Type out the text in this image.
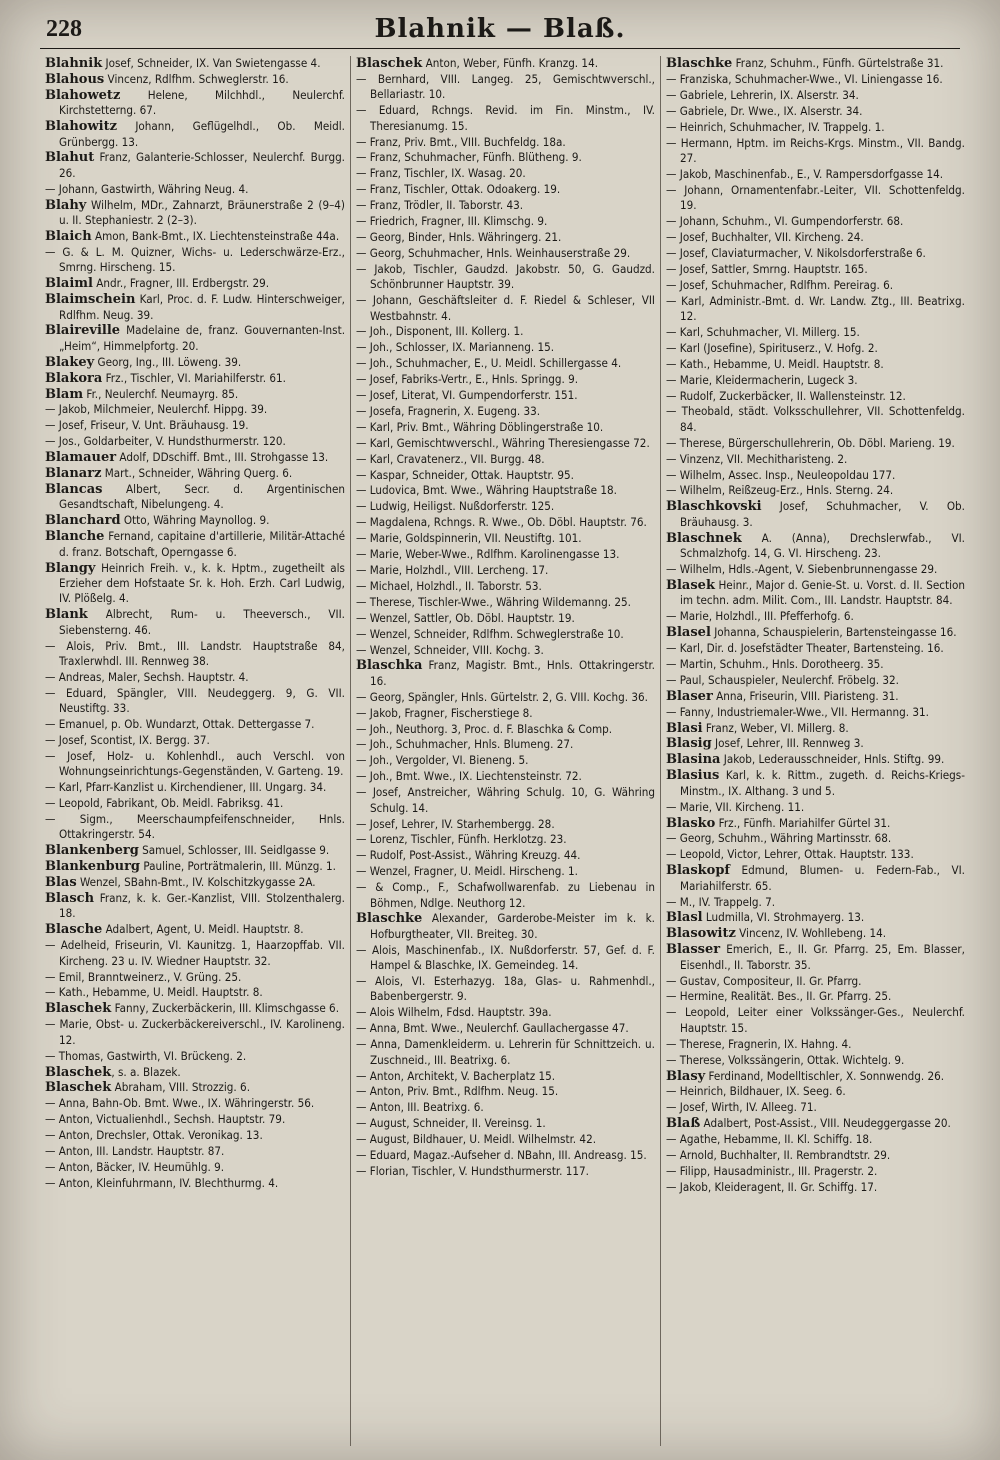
228	Blahnik — Blaß.
Blahnik Josef, Schneider, IX. Van Swietengasse 4.
Blahous Vincenz, Rdlfhm. Schweglerstr. 16.
Blahowetz Helene, Milchhdl., Neulerchf. Kirchstetterng. 67.
Blahowitz Johann, Geflügelhdl., Ob. Meidl. Grünbergg. 13.
Blahut Franz, Galanterie-Schlosser, Neulerchf. Burgg. 26.
— Johann, Gastwirth, Währing Neug. 4.
Blahy Wilhelm, MDr., Zahnarzt, Bräunerstraße 2 (9–4) u. II. Stephaniestr. 2 (2–3).
Blaich Amon, Bank-Bmt., IX. Liechtensteinstraße 44a.
— G. & L. M. Quizner, Wichs- u. Lederschwärze-Erz., Smrng. Hirscheng. 15.
Blaiml Andr., Fragner, III. Erdbergstr. 29.
Blaimschein Karl, Proc. d. F. Ludw. Hinterschweiger, Rdlfhm. Neug. 39.
Blaireville Madelaine de, franz. Gouvernanten-Inst. „Heim“, Himmelpfortg. 20.
Blakey Georg, Ing., III. Löweng. 39.
Blakora Frz., Tischler, VI. Mariahilferstr. 61.
Blam Fr., Neulerchf. Neumayrg. 85.
— Jakob, Milchmeier, Neulerchf. Hippg. 39.
— Josef, Friseur, V. Unt. Bräuhausg. 19.
— Jos., Goldarbeiter, V. Hundsthurmerstr. 120.
Blamauer Adolf, DDschiff. Bmt., III. Strohgasse 13.
Blanarz Mart., Schneider, Währing Querg. 6.
Blancas Albert, Secr. d. Argentinischen Gesandtschaft, Nibelungeng. 4.
Blanchard Otto, Währing Maynollog. 9.
Blanche Fernand, capitaine d'artillerie, Militär-Attaché d. franz. Botschaft, Operngasse 6.
Blangy Heinrich Freih. v., k. k. Hptm., zugetheilt als Erzieher dem Hofstaate Sr. k. Hoh. Erzh. Carl Ludwig, IV. Plößelg. 4.
Blank Albrecht, Rum- u. Theeversch., VII. Siebensterng. 46.
— Alois, Priv. Bmt., III. Landstr. Hauptstraße 84, Traxlerwhdl. III. Rennweg 38.
— Andreas, Maler, Sechsh. Hauptstr. 4.
— Eduard, Spängler, VIII. Neudeggerg. 9, G. VII. Neustiftg. 33.
— Emanuel, p. Ob. Wundarzt, Ottak. Dettergasse 7.
— Josef, Scontist, IX. Bergg. 37.
— Josef, Holz- u. Kohlenhdl., auch Verschl. von Wohnungseinrichtungs-Gegenständen, V. Garteng. 19.
— Karl, Pfarr-Kanzlist u. Kirchendiener, III. Ungarg. 34.
— Leopold, Fabrikant, Ob. Meidl. Fabriksg. 41.
— Sigm., Meerschaumpfeifenschneider, Hnls. Ottakringerstr. 54.
Blankenberg Samuel, Schlosser, III. Seidlgasse 9.
Blankenburg Pauline, Porträtmalerin, III. Münzg. 1.
Blas Wenzel, SBahn-Bmt., IV. Kolschitzkygasse 2A.
Blasch Franz, k. k. Ger.-Kanzlist, VIII. Stolzenthalerg. 18.
Blasche Adalbert, Agent, U. Meidl. Hauptstr. 8.
— Adelheid, Friseurin, VI. Kaunitzg. 1, Haarzopffab. VII. Kircheng. 23 u. IV. Wiedner Hauptstr. 32.
— Emil, Branntweinerz., V. Grüng. 25.
— Kath., Hebamme, U. Meidl. Hauptstr. 8.
Blaschek Fanny, Zuckerbäckerin, III. Klimschgasse 6.
— Marie, Obst- u. Zuckerbäckereiverschl., IV. Karolineng. 12.
— Thomas, Gastwirth, VI. Brückeng. 2.
Blaschek, s. a. Blazek.
Blaschek Abraham, VIII. Strozzig. 6.
— Anna, Bahn-Ob. Bmt. Wwe., IX. Währingerstr. 56.
— Anton, Victualienhdl., Sechsh. Hauptstr. 79.
— Anton, Drechsler, Ottak. Veronikag. 13.
— Anton, III. Landstr. Hauptstr. 87.
— Anton, Bäcker, IV. Heumühlg. 9.
— Anton, Kleinfuhrmann, IV. Blechthurmg. 4.
Blaschek Anton, Weber, Fünfh. Kranzg. 14.
— Bernhard, VIII. Langeg. 25, Gemischtwverschl., Bellariastr. 10.
— Eduard, Rchngs. Revid. im Fin. Minstm., IV. Theresianumg. 15.
— Franz, Priv. Bmt., VIII. Buchfeldg. 18a.
— Franz, Schuhmacher, Fünfh. Blütheng. 9.
— Franz, Tischler, IX. Wasag. 20.
— Franz, Tischler, Ottak. Odoakerg. 19.
— Franz, Trödler, II. Taborstr. 43.
— Friedrich, Fragner, III. Klimschg. 9.
— Georg, Binder, Hnls. Währingerg. 21.
— Georg, Schuhmacher, Hnls. Weinhauserstraße 29.
— Jakob, Tischler, Gaudzd. Jakobstr. 50, G. Gaudzd. Schönbrunner Hauptstr. 39.
— Johann, Geschäftsleiter d. F. Riedel & Schleser, VII Westbahnstr. 4.
— Joh., Disponent, III. Kollerg. 1.
— Joh., Schlosser, IX. Marianneng. 15.
— Joh., Schuhmacher, E., U. Meidl. Schillergasse 4.
— Josef, Fabriks-Vertr., E., Hnls. Springg. 9.
— Josef, Literat, VI. Gumpendorferstr. 151.
— Josefa, Fragnerin, X. Eugeng. 33.
— Karl, Priv. Bmt., Währing Döblingerstraße 10.
— Karl, Gemischtwverschl., Währing Theresiengasse 72.
— Karl, Cravatenerz., VII. Burgg. 48.
— Kaspar, Schneider, Ottak. Hauptstr. 95.
— Ludovica, Bmt. Wwe., Währing Hauptstraße 18.
— Ludwig, Heiligst. Nußdorferstr. 125.
— Magdalena, Rchngs. R. Wwe., Ob. Döbl. Hauptstr. 76.
— Marie, Goldspinnerin, VII. Neustiftg. 101.
— Marie, Weber-Wwe., Rdlfhm. Karolinengasse 13.
— Marie, Holzhdl., VIII. Lercheng. 17.
— Michael, Holzhdl., II. Taborstr. 53.
— Therese, Tischler-Wwe., Währing Wildemanng. 25.
— Wenzel, Sattler, Ob. Döbl. Hauptstr. 19.
— Wenzel, Schneider, Rdlfhm. Schweglerstraße 10.
— Wenzel, Schneider, VIII. Kochg. 3.
Blaschka Franz, Magistr. Bmt., Hnls. Ottakringerstr. 16.
— Georg, Spängler, Hnls. Gürtelstr. 2, G. VIII. Kochg. 36.
— Jakob, Fragner, Fischerstiege 8.
— Joh., Neuthorg. 3, Proc. d. F. Blaschka & Comp.
— Joh., Schuhmacher, Hnls. Blumeng. 27.
— Joh., Vergolder, VI. Bieneng. 5.
— Joh., Bmt. Wwe., IX. Liechtensteinstr. 72.
— Josef, Anstreicher, Währing Schulg. 10, G. Währing Schulg. 14.
— Josef, Lehrer, IV. Starhembergg. 28.
— Lorenz, Tischler, Fünfh. Herklotzg. 23.
— Rudolf, Post-Assist., Währing Kreuzg. 44.
— Wenzel, Fragner, U. Meidl. Hirscheng. 1.
— & Comp., F., Schafwollwarenfab. zu Liebenau in Böhmen, Ndlge. Neuthorg 12.
Blaschke Alexander, Garderobe-Meister im k. k. Hofburgtheater, VII. Breiteg. 30.
— Alois, Maschinenfab., IX. Nußdorferstr. 57, Gef. d. F. Hampel & Blaschke, IX. Gemeindeg. 14.
— Alois, VI. Esterhazyg. 18a, Glas- u. Rahmenhdl., Babenbergerstr. 9.
— Alois Wilhelm, Fdsd. Hauptstr. 39a.
— Anna, Bmt. Wwe., Neulerchf. Gaullachergasse 47.
— Anna, Damenkleiderm. u. Lehrerin für Schnittzeich. u. Zuschneid., III. Beatrixg. 6.
— Anton, Architekt, V. Bacherplatz 15.
— Anton, Priv. Bmt., Rdlfhm. Neug. 15.
— Anton, III. Beatrixg. 6.
— August, Schneider, II. Vereinsg. 1.
— August, Bildhauer, U. Meidl. Wilhelmstr. 42.
— Eduard, Magaz.-Aufseher d. NBahn, III. Andreasg. 15.
— Florian, Tischler, V. Hundsthurmerstr. 117.
Blaschke Franz, Schuhm., Fünfh. Gürtelstraße 31.
— Franziska, Schuhmacher-Wwe., VI. Liniengasse 16.
— Gabriele, Lehrerin, IX. Alserstr. 34.
— Gabriele, Dr. Wwe., IX. Alserstr. 34.
— Heinrich, Schuhmacher, IV. Trappelg. 1.
— Hermann, Hptm. im Reichs-Krgs. Minstm., VII. Bandg. 27.
— Jakob, Maschinenfab., E., V. Rampersdorfgasse 14.
— Johann, Ornamentenfabr.-Leiter, VII. Schottenfeldg. 19.
— Johann, Schuhm., VI. Gumpendorferstr. 68.
— Josef, Buchhalter, VII. Kircheng. 24.
— Josef, Claviaturmacher, V. Nikolsdorferstraße 6.
— Josef, Sattler, Smrng. Hauptstr. 165.
— Josef, Schuhmacher, Rdlfhm. Pereirag. 6.
— Karl, Administr.-Bmt. d. Wr. Landw. Ztg., III. Beatrixg. 12.
— Karl, Schuhmacher, VI. Millerg. 15.
— Karl (Josefine), Spirituserz., V. Hofg. 2.
— Kath., Hebamme, U. Meidl. Hauptstr. 8.
— Marie, Kleidermacherin, Lugeck 3.
— Rudolf, Zuckerbäcker, II. Wallensteinstr. 12.
— Theobald, städt. Volksschullehrer, VII. Schottenfeldg. 84.
— Therese, Bürgerschullehrerin, Ob. Döbl. Marieng. 19.
— Vinzenz, VII. Mechitharisteng. 2.
— Wilhelm, Assec. Insp., Neuleopoldau 177.
— Wilhelm, Reißzeug-Erz., Hnls. Sterng. 24.
Blaschkovski Josef, Schuhmacher, V. Ob. Bräuhausg. 3.
Blaschnek A. (Anna), Drechslerwfab., VI. Schmalzhofg. 14, G. VI. Hirscheng. 23.
— Wilhelm, Hdls.-Agent, V. Siebenbrunnengasse 29.
Blasek Heinr., Major d. Genie-St. u. Vorst. d. II. Section im techn. adm. Milit. Com., III. Landstr. Hauptstr. 84.
— Marie, Holzhdl., III. Pfefferhofg. 6.
Blasel Johanna, Schauspielerin, Bartensteingasse 16.
— Karl, Dir. d. Josefstädter Theater, Bartensteing. 16.
— Martin, Schuhm., Hnls. Dorotheerg. 35.
— Paul, Schauspieler, Neulerchf. Fröbelg. 32.
Blaser Anna, Friseurin, VIII. Piaristeng. 31.
— Fanny, Industriemaler-Wwe., VII. Hermanng. 31.
Blasi Franz, Weber, VI. Millerg. 8.
Blasig Josef, Lehrer, III. Rennweg 3.
Blasina Jakob, Lederausschneider, Hnls. Stiftg. 99.
Blasius Karl, k. k. Rittm., zugeth. d. Reichs-Kriegs-Minstm., IX. Althang. 3 und 5.
— Marie, VII. Kircheng. 11.
Blasko Frz., Fünfh. Mariahilfer Gürtel 31.
— Georg, Schuhm., Währing Martinsstr. 68.
— Leopold, Victor, Lehrer, Ottak. Hauptstr. 133.
Blaskopf Edmund, Blumen- u. Federn-Fab., VI. Mariahilferstr. 65.
— M., IV. Trappelg. 7.
Blasl Ludmilla, VI. Strohmayerg. 13.
Blasowitz Vincenz, IV. Wohllebeng. 14.
Blasser Emerich, E., II. Gr. Pfarrg. 25, Em. Blasser, Eisenhdl., II. Taborstr. 35.
— Gustav, Compositeur, II. Gr. Pfarrg.
— Hermine, Realität. Bes., II. Gr. Pfarrg. 25.
— Leopold, Leiter einer Volkssänger-Ges., Neulerchf. Hauptstr. 15.
— Therese, Fragnerin, IX. Hahng. 4.
— Therese, Volkssängerin, Ottak. Wichtelg. 9.
Blasy Ferdinand, Modelltischler, X. Sonnwendg. 26.
— Heinrich, Bildhauer, IX. Seeg. 6.
— Josef, Wirth, IV. Alleeg. 71.
Blaß Adalbert, Post-Assist., VIII. Neudeggergasse 20.
— Agathe, Hebamme, II. Kl. Schiffg. 18.
— Arnold, Buchhalter, II. Rembrandtstr. 29.
— Filipp, Hausadministr., III. Pragerstr. 2.
— Jakob, Kleideragent, II. Gr. Schiffg. 17.
